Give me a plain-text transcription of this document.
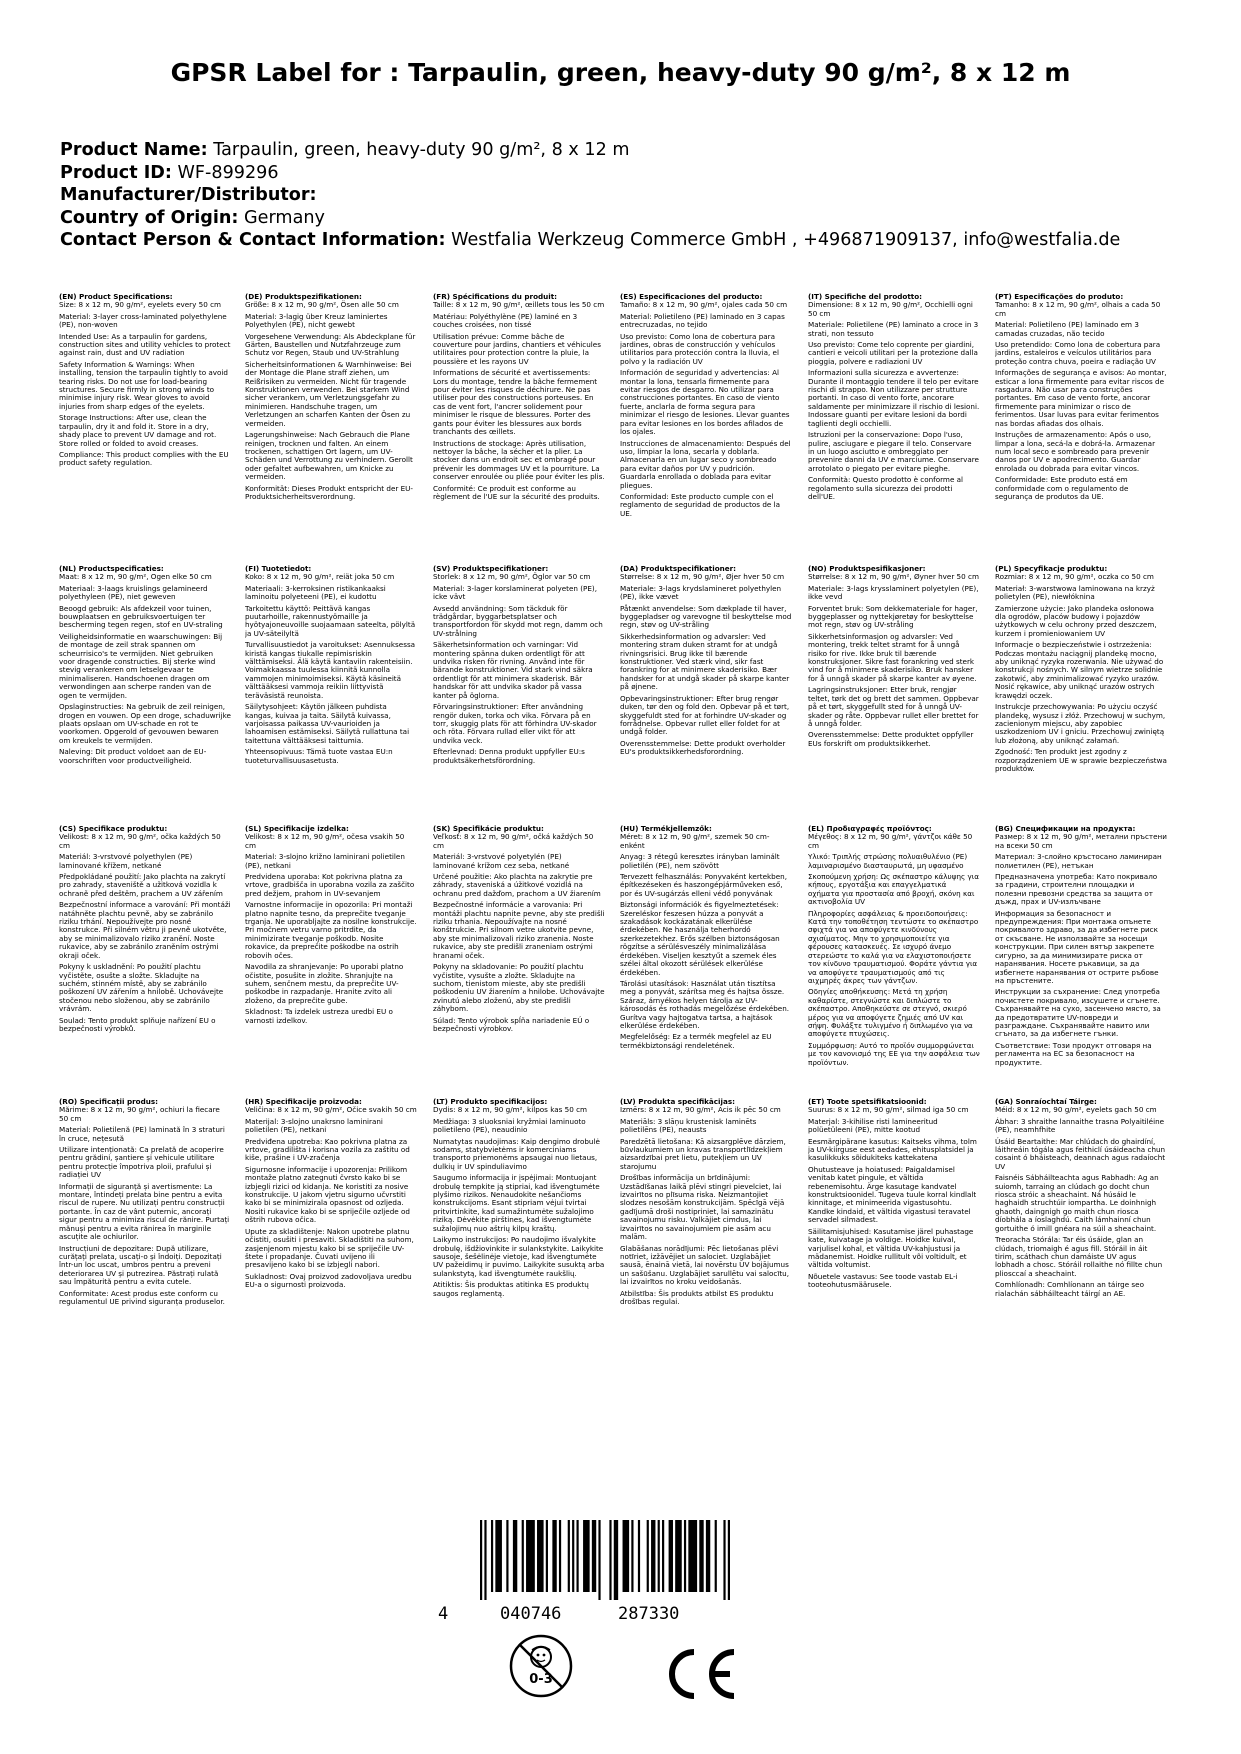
GPSR Label for : Tarpaulin, green, heavy-duty 90 g/m², 8 x 12 m
Product Name: Tarpaulin, green, heavy-duty 90 g/m², 8 x 12 m
Product ID: WF-899296
Manufacturer/Distributor:
Country of Origin: Germany
Contact Person & Contact Information: Westfalia Werkzeug Commerce GmbH , +496871909137, info@westfalia.de
(EN) Product Specifications:
Size: 8 x 12 m, 90 g/m², eyelets every 50 cm
Material: 3-layer cross-laminated polyethylene (PE), non-woven
Intended Use: As a tarpaulin for gardens, construction sites and utility vehicles to protect against rain, dust and UV radiation
Safety Information & Warnings: When installing, tension the tarpaulin tightly to avoid tearing risks. Do not use for load-bearing structures. Secure firmly in strong winds to minimise injury risk. Wear gloves to avoid injuries from sharp edges of the eyelets.
Storage Instructions: After use, clean the tarpaulin, dry it and fold it. Store in a dry, shady place to prevent UV damage and rot. Store rolled or folded to avoid creases.
Compliance: This product complies with the EU product safety regulation.
(DE) Produktspezifikationen:
Größe: 8 x 12 m, 90 g/m², Ösen alle 50 cm
Material: 3-lagig über Kreuz laminiertes Polyethylen (PE), nicht gewebt
Vorgesehene Verwendung: Als Abdeckplane für Gärten, Baustellen und Nutzfahrzeuge zum Schutz vor Regen, Staub und UV-Strahlung
Sicherheitsinformationen & Warnhinweise: Bei der Montage die Plane straff ziehen, um Reißrisiken zu vermeiden. Nicht für tragende Konstruktionen verwenden. Bei starkem Wind sicher verankern, um Verletzungsgefahr zu minimieren. Handschuhe tragen, um Verletzungen an scharfen Kanten der Ösen zu vermeiden.
Lagerungshinweise: Nach Gebrauch die Plane reinigen, trocknen und falten. An einem trockenen, schattigen Ort lagern, um UV-Schäden und Verrottung zu verhindern. Gerollt oder gefaltet aufbewahren, um Knicke zu vermeiden.
Konformität: Dieses Produkt entspricht der EU-Produktsicherheitsverordnung.
(FR) Spécifications du produit:
Taille: 8 x 12 m, 90 g/m², œillets tous les 50 cm
Matériau: Polyéthylène (PE) laminé en 3 couches croisées, non tissé
Utilisation prévue: Comme bâche de couverture pour jardins, chantiers et véhicules utilitaires pour protection contre la pluie, la poussière et les rayons UV
Informations de sécurité et avertissements: Lors du montage, tendre la bâche fermement pour éviter les risques de déchirure. Ne pas utiliser pour des constructions porteuses. En cas de vent fort, l'ancrer solidement pour minimiser le risque de blessures. Porter des gants pour éviter les blessures aux bords tranchants des œillets.
Instructions de stockage: Après utilisation, nettoyer la bâche, la sécher et la plier. La stocker dans un endroit sec et ombragé pour prévenir les dommages UV et la pourriture. La conserver enroulée ou pliée pour éviter les plis.
Conformité: Ce produit est conforme au règlement de l'UE sur la sécurité des produits.
(ES) Especificaciones del producto:
Tamaño: 8 x 12 m, 90 g/m², ojales cada 50 cm
Material: Polietileno (PE) laminado en 3 capas entrecruzadas, no tejido
Uso previsto: Como lona de cobertura para jardines, obras de construcción y vehículos utilitarios para protección contra la lluvia, el polvo y la radiación UV
Información de seguridad y advertencias: Al montar la lona, tensarla firmemente para evitar riesgos de desgarro. No utilizar para construcciones portantes. En caso de viento fuerte, anclarla de forma segura para minimizar el riesgo de lesiones. Llevar guantes para evitar lesiones en los bordes afilados de los ojales.
Instrucciones de almacenamiento: Después del uso, limpiar la lona, secarla y doblarla. Almacenarla en un lugar seco y sombreado para evitar daños por UV y pudrición. Guardarla enrollada o doblada para evitar pliegues.
Conformidad: Este producto cumple con el reglamento de seguridad de productos de la UE.
(IT) Specifiche del prodotto:
Dimensione: 8 x 12 m, 90 g/m², Occhielli ogni 50 cm
Materiale: Polietilene (PE) laminato a croce in 3 strati, non tessuto
Uso previsto: Come telo coprente per giardini, cantieri e veicoli utilitari per la protezione dalla pioggia, polvere e radiazioni UV
Informazioni sulla sicurezza e avvertenze: Durante il montaggio tendere il telo per evitare rischi di strappo. Non utilizzare per strutture portanti. In caso di vento forte, ancorare saldamente per minimizzare il rischio di lesioni. Indossare guanti per evitare lesioni da bordi taglienti degli occhielli.
Istruzioni per la conservazione: Dopo l'uso, pulire, asciugare e piegare il telo. Conservare in un luogo asciutto e ombreggiato per prevenire danni da UV e marciume. Conservare arrotolato o piegato per evitare pieghe.
Conformità: Questo prodotto è conforme al regolamento sulla sicurezza dei prodotti dell'UE.
(PT) Especificações do produto:
Tamanho: 8 x 12 m, 90 g/m², olhais a cada 50 cm
Material: Polietileno (PE) laminado em 3 camadas cruzadas, não tecido
Uso pretendido: Como lona de cobertura para jardins, estaleiros e veículos utilitários para proteção contra chuva, poeira e radiação UV
Informações de segurança e avisos: Ao montar, esticar a lona firmemente para evitar riscos de rasgadura. Não usar para construções portantes. Em caso de vento forte, ancorar firmemente para minimizar o risco de ferimentos. Usar luvas para evitar ferimentos nas bordas afiadas dos olhais.
Instruções de armazenamento: Após o uso, limpar a lona, secá-la e dobrá-la. Armazenar num local seco e sombreado para prevenir danos por UV e apodrecimento. Guardar enrolada ou dobrada para evitar vincos.
Conformidade: Este produto está em conformidade com o regulamento de segurança de produtos da UE.
(NL) Productspecificaties:
Maat: 8 x 12 m, 90 g/m², Ogen elke 50 cm
Materiaal: 3-laags kruislings gelamineerd polyethyleen (PE), niet geweven
Beoogd gebruik: Als afdekzeil voor tuinen, bouwplaatsen en gebruiksvoertuigen ter bescherming tegen regen, stof en UV-straling
Veiligheidsinformatie en waarschuwingen: Bij de montage de zeil strak spannen om scheurrisico's te vermijden. Niet gebruiken voor dragende constructies. Bij sterke wind stevig verankeren om letselgevaar te minimaliseren. Handschoenen dragen om verwondingen aan scherpe randen van de ogen te vermijden.
Opslaginstructies: Na gebruik de zeil reinigen, drogen en vouwen. Op een droge, schaduwrijke plaats opslaan om UV-schade en rot te voorkomen. Opgerold of gevouwen bewaren om kreukels te vermijden.
Naleving: Dit product voldoet aan de EU-voorschriften voor productveiligheid.
(FI) Tuotetiedot:
Koko: 8 x 12 m, 90 g/m², reiät joka 50 cm
Materiaali: 3-kerroksinen ristikankaaksi laminoitu polyeteeni (PE), ei kudottu
Tarkoitettu käyttö: Peittävä kangas puutarhoille, rakennustyömaille ja hyötyajoneuvoille suojaamaan sateelta, pölyltä ja UV-säteilyltä
Turvallisuustiedot ja varoitukset: Asennuksessa kiristä kangas tiukalle repimisriskin välttämiseksi. Älä käytä kantaviin rakenteisiin. Voimakkaassa tuulessa kiinnitä kunnolla vammojen minimoimiseksi. Käytä käsineitä välttääksesi vammoja reikiin liittyvistä teräväsistä reunoista.
Säilytysohjeet: Käytön jälkeen puhdista kangas, kuivaa ja taita. Säilytä kuivassa, varjoisassa paikassa UV-vaurioiden ja lahoamisen estämiseksi. Säilytä rullattuna tai taitettuna välttääksesi taittumia.
Yhteensopivuus: Tämä tuote vastaa EU:n tuoteturvallisuusasetusta.
(SV) Produktspecifikationer:
Storlek: 8 x 12 m, 90 g/m², Öglor var 50 cm
Material: 3-lager korslaminerat polyeten (PE), icke vävt
Avsedd användning: Som täckduk för trädgårdar, byggarbetsplatser och transportfordon för skydd mot regn, damm och UV-strålning
Säkerhetsinformation och varningar: Vid montering spänna duken ordentligt för att undvika risken för rivning. Använd inte för bärande konstruktioner. Vid stark vind säkra ordentligt för att minimera skaderisk. Bär handskar för att undvika skador på vassa kanter på öglorna.
Förvaringsinstruktioner: Efter användning rengör duken, torka och vika. Förvara på en torr, skuggig plats för att förhindra UV-skador och röta. Förvara rullad eller vikt för att undvika veck.
Efterlevnad: Denna produkt uppfyller EU:s produktsäkerhetsförordning.
(DA) Produktspecifikationer:
Størrelse: 8 x 12 m, 90 g/m², Øjer hver 50 cm
Materiale: 3-lags krydslamineret polyethylen (PE), ikke vævet
Påtænkt anvendelse: Som dækplade til haver, byggepladser og varevogne til beskyttelse mod regn, støv og UV-stråling
Sikkerhedsinformation og advarsler: Ved montering stram duken stramt for at undgå rivningsrisici. Brug ikke til bærende konstruktioner. Ved stærk vind, sikr fast forankring for at minimere skaderisiko. Bær handsker for at undgå skader på skarpe kanter på øjnene.
Opbevaringsinstruktioner: Efter brug rengør duken, tør den og fold den. Opbevar på et tørt, skyggefuldt sted for at forhindre UV-skader og forrådnelse. Opbevar rullet eller foldet for at undgå folder.
Overensstemmelse: Dette produkt overholder EU's produktsikkerhedsforordning.
(NO) Produktspesifikasjoner:
Størrelse: 8 x 12 m, 90 g/m², Øyner hver 50 cm
Materiale: 3-lags krysslaminert polyetylen (PE), ikke vevd
Forventet bruk: Som dekkemateriale for hager, byggeplasser og nyttekjøretøy for beskyttelse mot regn, støv og UV-stråling
Sikkerhetsinformasjon og advarsler: Ved montering, trekk teltet stramt for å unngå risiko for rive. Ikke bruk til bærende konstruksjoner. Sikre fast forankring ved sterk vind for å minimere skaderisiko. Bruk hansker for å unngå skader på skarpe kanter av øyene.
Lagringsinstruksjoner: Etter bruk, rengjør teltet, tørk det og brett det sammen. Oppbevar på et tørt, skyggefullt sted for å unngå UV-skader og råte. Oppbevar rullet eller brettet for å unngå folder.
Overensstemmelse: Dette produktet oppfyller EUs forskrift om produktsikkerhet.
(PL) Specyfikacje produktu:
Rozmiar: 8 x 12 m, 90 g/m², oczka co 50 cm
Materiał: 3-warstwowa laminowana na krzyż polietylen (PE), niewłóknina
Zamierzone użycie: Jako plandeka osłonowa dla ogrodów, placów budowy i pojazdów użytkowych w celu ochrony przed deszczem, kurzem i promieniowaniem UV
Informacje o bezpieczeństwie i ostrzeżenia: Podczas montażu naciągnij plandekę mocno, aby uniknąć ryzyka rozerwania. Nie używać do konstrukcji nośnych. W silnym wietrze solidnie zakotwić, aby zminimalizować ryzyko urazów. Nosić rękawice, aby uniknąć urazów ostrych krawędzi oczek.
Instrukcje przechowywania: Po użyciu oczyść plandekę, wysusz i złóż. Przechowuj w suchym, zacienionym miejscu, aby zapobiec uszkodzeniom UV i gniciu. Przechowuj zwiniętą lub złożoną, aby uniknąć załamań.
Zgodność: Ten produkt jest zgodny z rozporządzeniem UE w sprawie bezpieczeństwa produktów.
(CS) Specifikace produktu:
Velikost: 8 x 12 m, 90 g/m², očka každých 50 cm
Materiál: 3-vrstvové polyethylen (PE) laminované křížem, netkané
Předpokládané použití: Jako plachta na zakrytí pro zahrady, staveniště a užitková vozidla k ochraně před deštěm, prachem a UV zářením
Bezpečnostní informace a varování: Při montáži natáhněte plachtu pevně, aby se zabránilo riziku trhání. Nepoužívejte pro nosné konstrukce. Při silném větru ji pevně ukotvěte, aby se minimalizovalo riziko zranění. Noste rukavice, aby se zabránilo zraněním ostrými okraji oček.
Pokyny k uskladnění: Po použití plachtu vyčistěte, osušte a složte. Skladujte na suchém, stinném místě, aby se zabránilo poškození UV zářením a hnilobě. Uchovávejte stočenou nebo složenou, aby se zabránilo vrávrám.
Soulad: Tento produkt splňuje nařízení EU o bezpečnosti výrobků.
(SL) Specifikacije izdelka:
Velikost: 8 x 12 m, 90 g/m², očesa vsakih 50 cm
Material: 3-slojno križno laminirani polietilen (PE), netkani
Predvidena uporaba: Kot pokrivna platna za vrtove, gradbišča in uporabna vozila za zaščito pred dežjem, prahom in UV-sevanjem
Varnostne informacije in opozorila: Pri montaži platno napnite tesno, da preprečite tveganje trganja. Ne uporabljajte za nosilne konstrukcije. Pri močnem vetru varno pritrdite, da minimizirate tveganje poškodb. Nosite rokavice, da preprečite poškodbe na ostrih robovih očes.
Navodila za shranjevanje: Po uporabi platno očistite, posušite in zložite. Shranjujte na suhem, senčnem mestu, da preprečite UV-poškodbe in razpadanje. Hranite zvito ali zloženo, da preprečite gube.
Skladnost: Ta izdelek ustreza uredbi EU o varnosti izdelkov.
(SK) Špecifikácie produktu:
Veľkosť: 8 x 12 m, 90 g/m², očká každých 50 cm
Materiál: 3-vrstvové polyetylén (PE) laminované krížom cez seba, netkané
Určené použitie: Ako plachta na zakrytie pre záhrady, staveniská a úžitkové vozidlá na ochranu pred dažďom, prachom a UV žiarením
Bezpečnostné informácie a varovania: Pri montáži plachtu napnite pevne, aby ste predišli riziku trhania. Nepoužívajte na nosné konštrukcie. Pri silnom vetre ukotvite pevne, aby ste minimalizovali riziko zranenia. Noste rukavice, aby ste predišli zraneniam ostrými hranami oček.
Pokyny na skladovanie: Po použití plachtu vyčistite, vysušte a zložte. Skladujte na suchom, tienistom mieste, aby ste predišli poškodeniu UV žiarením a hnilobe. Uchovávajte zvinutú alebo zloženú, aby ste predišli záhybom.
Súlad: Tento výrobok spĺňa nariadenie EÚ o bezpečnosti výrobkov.
(HU) Termékjellemzők:
Méret: 8 x 12 m, 90 g/m², szemek 50 cm-enként
Anyag: 3 rétegű keresztes irányban laminált polietilén (PE), nem szövött
Tervezett felhasználás: Ponyvaként kertekben, építkezéseken és haszongépjárműveken eső, por és UV-sugárzás elleni védő ponyvának
Biztonsági információk és figyelmeztetések: Szereléskor feszesen húzza a ponyvát a szakadások kockázatának elkerülése érdekében. Ne használja teherhordó szerkezetekhez. Erős szélben biztonságosan rögzítse a sérülésveszély minimalizálása érdekében. Viseljen kesztyűt a szemek éles szélei által okozott sérülések elkerülése érdekében.
Tárolási utasítások: Használat után tisztítsa meg a ponyvát, szárítsa meg és hajtsa össze. Száraz, árnyékos helyen tárolja az UV-károsodás és rothadás megelőzése érdekében. Gurítva vagy hajtogatva tartsa, a hajtások elkerülése érdekében.
Megfelelőség: Ez a termék megfelel az EU termékbiztonsági rendeletének.
(EL) Προδιαγραφές προϊόντος:
Μέγεθος: 8 x 12 m, 90 g/m², γάντζοι κάθε 50 cm
Υλικό: Τριπλής στρώσης πολυαιθυλένιο (PE) λαμιναρισμένο διασταυρωτά, μη υφασμένο
Σκοπούμενη χρήση: Ως σκέπαστρο κάλυψης για κήπους, εργοτάξια και επαγγελματικά οχήματα για προστασία από βροχή, σκόνη και ακτινοβολία UV
Πληροφορίες ασφάλειας & προειδοποιήσεις: Κατά την τοποθέτηση τεντώστε το σκέπαστρο σφιχτά για να αποφύγετε κινδύνους σχισίματος. Μην το χρησιμοποιείτε για φέρουσες κατασκευές. Σε ισχυρό άνεμο στερεώστε το καλά για να ελαχιστοποιήσετε τον κίνδυνο τραυματισμού. Φοράτε γάντια για να αποφύγετε τραυματισμούς από τις αιχμηρές άκρες των γάντζων.
Οδηγίες αποθήκευσης: Μετά τη χρήση καθαρίστε, στεγνώστε και διπλώστε το σκέπαστρο. Αποθηκεύστε σε στεγνό, σκιερό μέρος για να αποφύγετε ζημιές από UV και σήψη. Φυλάξτε τυλιγμένο ή διπλωμένο για να αποφύγετε πτυχώσεις.
Συμμόρφωση: Αυτό το προϊόν συμμορφώνεται με τον κανονισμό της ΕΕ για την ασφάλεια των προϊόντων.
(BG) Спецификации на продукта:
Размер: 8 x 12 m, 90 g/m², метални пръстени на всеки 50 cm
Материал: 3-слойно кръстосано ламиниран полиетилен (PE), нетъкан
Предназначена употреба: Като покривало за градини, строителни площадки и полезни превозни средства за защита от дъжд, прах и UV-излъчване
Информация за безопасност и предупреждения: При монтажа опънете покривалото здраво, за да избегнете риск от скъсване. Не използвайте за носещи конструкции. При силен вятър закрепете сигурно, за да минимизирате риска от наранявания. Носете ръкавици, за да избегнете наранявания от острите ръбове на пръстените.
Инструкции за съхранение: След употреба почистете покривало, изсушете и сгънете. Съхранявайте на сухо, засенчено място, за да предотвратите UV-повреди и разграждане. Съхранявайте навито или сгънато, за да избегнете гънки.
Съответствие: Този продукт отговаря на регламента на ЕС за безопасност на продуктите.
(RO) Specificații produs:
Mărime: 8 x 12 m, 90 g/m², ochiuri la fiecare 50 cm
Material: Polietilenă (PE) laminată în 3 straturi în cruce, nețesută
Utilizare intenționată: Ca prelată de acoperire pentru grădini, șantiere și vehicule utilitare pentru protecție împotriva ploii, prafului și radiației UV
Informații de siguranță și avertismente: La montare, întindeți prelata bine pentru a evita riscul de rupere. Nu utilizați pentru construcții portante. În caz de vânt puternic, ancorați sigur pentru a minimiza riscul de rănire. Purtați mănuși pentru a evita rănirea în marginile ascuțite ale ochiurilor.
Instrucțiuni de depozitare: După utilizare, curățați prelata, uscați-o și îndoiți. Depozitați într-un loc uscat, umbros pentru a preveni deteriorarea UV și putrezirea. Păstrați rulată sau împăturită pentru a evita cutele.
Conformitate: Acest produs este conform cu regulamentul UE privind siguranța produselor.
(HR) Specifikacije proizvoda:
Veličina: 8 x 12 m, 90 g/m², Očice svakih 50 cm
Materijal: 3-slojno unakrsno laminirani polietilen (PE), netkani
Predviđena upotreba: Kao pokrivna platna za vrtove, gradilišta i korisna vozila za zaštitu od kiše, prašine i UV-zračenja
Sigurnosne informacije i upozorenja: Prilikom montaže platno zategnuti čvrsto kako bi se izbjegli rizici od kidanja. Ne koristiti za nosive konstrukcije. U jakom vjetru sigurno učvrstiti kako bi se minimizirala opasnost od ozljeda. Nositi rukavice kako bi se spriječile ozljede od oštrih rubova očica.
Upute za skladištenje: Nakon upotrebe platnu očistiti, osušiti i presaviti. Skladištiti na suhom, zasjenjenom mjestu kako bi se spriječile UV-štete i propadanje. Čuvati uvijeno ili presavijeno kako bi se izbjegli nabori.
Sukladnost: Ovaj proizvod zadovoljava uredbu EU-a o sigurnosti proizvoda.
(LT) Produkto specifikacijos:
Dydis: 8 x 12 m, 90 g/m², kilpos kas 50 cm
Medžiaga: 3 sluoksniai kryžmiai laminuoto polietileno (PE), neaudinio
Numatytas naudojimas: Kaip dengimo drobulė sodams, statybvietėms ir komerciniams transporto priemonėms apsaugai nuo lietaus, dulkių ir UV spinduliavimo
Saugumo informacija ir įspėjimai: Montuojant drobulę tempkite ją stipriai, kad išvengtumėte plyšimo rizikos. Nenaudokite nešančioms konstrukcijoms. Esant stipriam vėjui tvirtai pritvirtinkite, kad sumažintumėte sužalojimo riziką. Dėvėkite pirštines, kad išvengtumėte sužalojimų nuo aštrių kilpų kraštų.
Laikymo instrukcijos: Po naudojimo išvalykite drobulę, išdžiovinkite ir sulankstykite. Laikykite sausoje, šešėlinėje vietoje, kad išvengtumėte UV pažeidimų ir puvimo. Laikykite susuktą arba sulankstytą, kad išvengtumėte raukšlių.
Atitiktis: Šis produktas atitinka ES produktų saugos reglamentą.
(LV) Produkta specifikācijas:
Izmērs: 8 x 12 m, 90 g/m², Acis ik pēc 50 cm
Materiāls: 3 slāņu krustenisk laminēts polietilēns (PE), neausts
Paredzētā lietošana: Kā aizsargplēve dārziem, būvlaukumiem un kravas transportlīdzekļiem aizsardzībai pret lietu, putekļiem un UV starojumu
Drošības informācija un brīdinājumi: Uzstādīšanas laikā plēvi stingri pievelciet, lai izvairītos no plīsuma riska. Neizmantojiet slodzes nesošām konstrukcijām. Spēcīgā vējā gadījumā droši nostipriniet, lai samazinātu savainojumu risku. Valkājiet cimdus, lai izvairītos no savainojumiem pie asām acu malām.
Glabāšanas norādījumi: Pēc lietošanas plēvi notīriet, izžāvējiet un salociet. Uzglabājiet sausā, ēnainā vietā, lai novērstu UV bojājumus un sašūšanu. Uzglabājiet sarullētu vai salocītu, lai izvairītos no kroku veidošanās.
Atbilstība: Šis produkts atbilst ES produktu drošības regulai.
(ET) Toote spetsifikatsioonid:
Suurus: 8 x 12 m, 90 g/m², silmad iga 50 cm
Materjal: 3-kihilise risti lamineeritud polüetüleeni (PE), mitte kootud
Eesmärgipärane kasutus: Kaitseks vihma, tolm ja UV-kiirguse eest aedades, ehitusplatsidel ja kasulikkuks sõidukiteks kattekatena
Ohutusteave ja hoiatused: Paigaldamisel venitab katet pingule, et vältida rebenemisohtu. Ärge kasutage kandvatel konstruktsioonidel. Tugeva tuule korral kindlalt kinnitage, et minimeerida vigastusohtu. Kandke kindaid, et vältida vigastusi teravatel servadel silmadest.
Säilitamisjuhised: Kasutamise järel puhastage kate, kuivatage ja voldige. Hoidke kuival, varjulisel kohal, et vältida UV-kahjustusi ja mädanemist. Hoidke rullitult või voltidult, et vältida voltumist.
Nõuetele vastavus: See toode vastab EL-i tooteohutusmäärusele.
(GA) Sonraíochtaí Táirge:
Méid: 8 x 12 m, 90 g/m², eyelets gach 50 cm
Ábhar: 3 shraithe lannaithe trasna Polyaitiléine (PE), neamhfhite
Úsáid Beartaithe: Mar chlúdach do ghairdíní, láithreáin tógála agus feithiclí úsáideacha chun cosaint ó bháisteach, deannach agus radaíocht UV
Faisnéis Sábháilteachta agus Rabhadh: Ag an suiomh, tarraing an clúdach go docht chun riosca stróic a sheachaint. Ná húsáid le haghaidh struchtúir iompartha. Le doinhnigh ghaoth, daingnigh go maith chun riosca díobhála a íoslaghdú. Caith lámhainní chun gortuithe ó imill gnéara na súil a sheachaint.
Treoracha Stórála: Tar éis úsáide, glan an clúdach, triomaigh é agus fill. Stóráil in áit tirim, scáthach chun damáiste UV agus lobhadh a chosc. Stóráil rollaithe nó fillte chun pliosccaí a sheachaint.
Comhlíonadh: Comhlíonann an táirge seo rialachán sábháilteacht táirgí an AE.
4	040746	287330
0-3
